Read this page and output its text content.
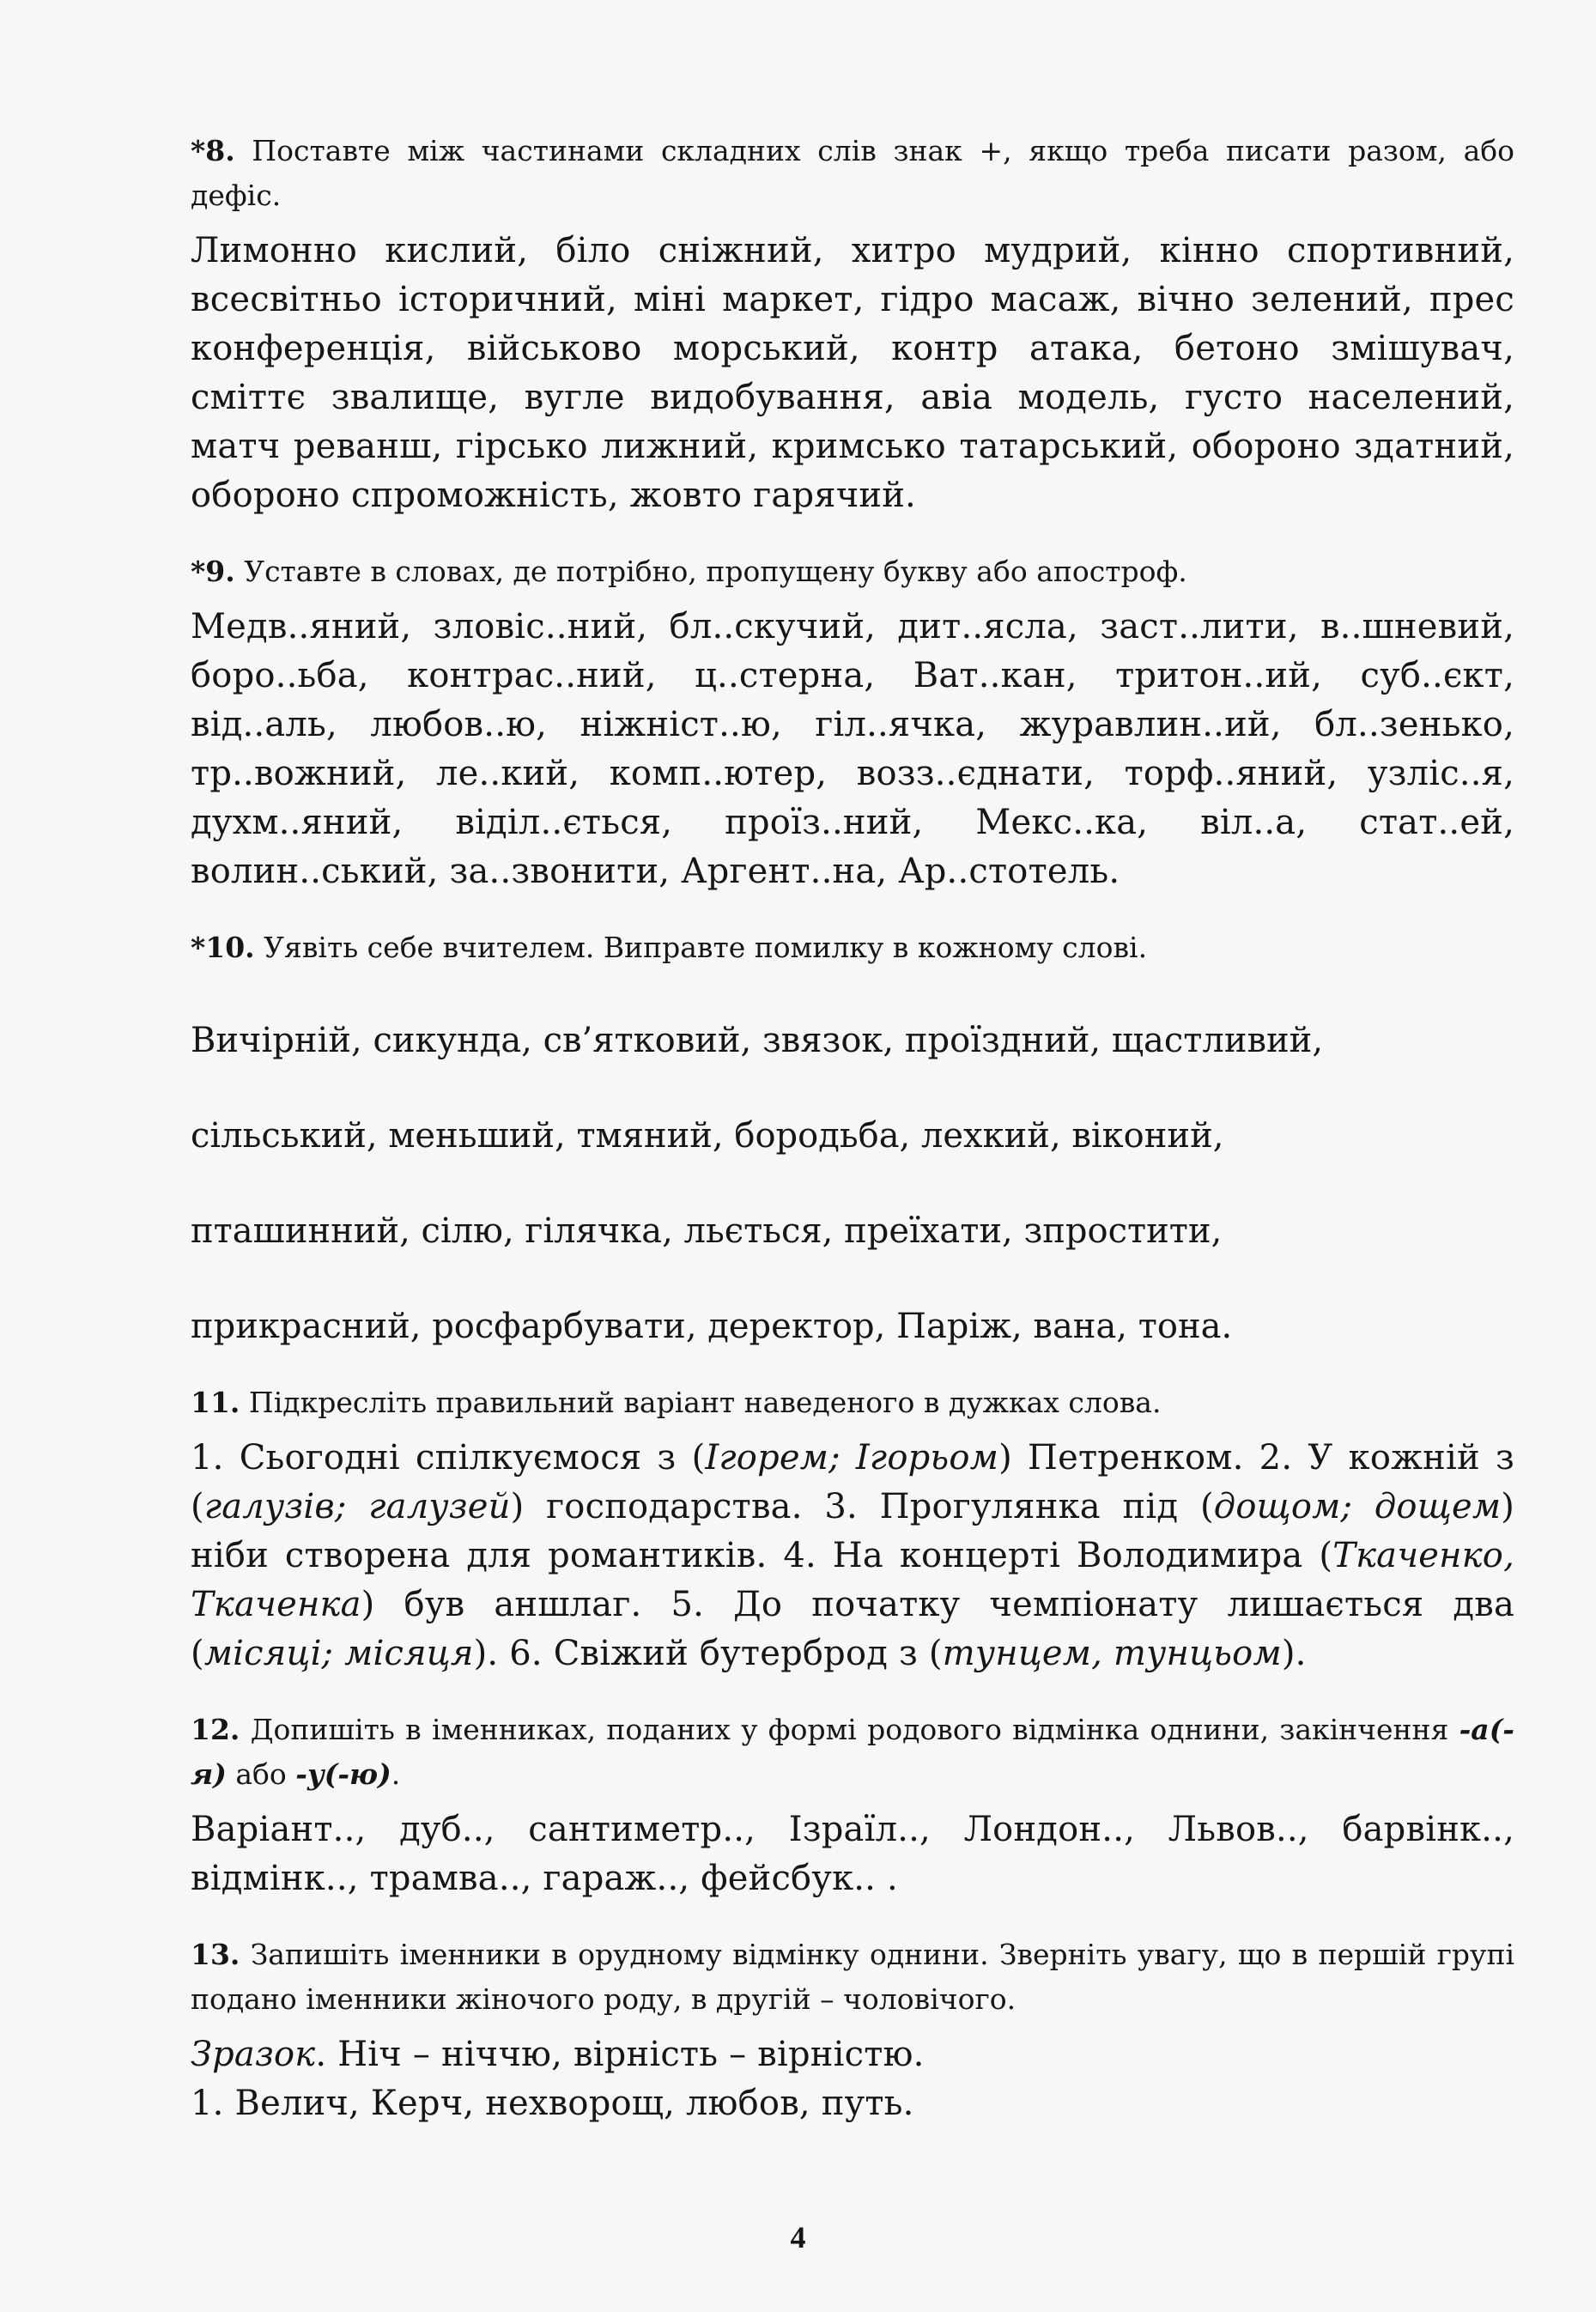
*8. Поставте між частинами складних слів знак +, якщо треба писати разом, або дефіс.

Лимонно кислий, біло сніжний, хитро мудрий, кінно спортивний, всесвітньо історичний, міні маркет, гідро масаж, вічно зелений, прес конференція, військово морський, контр атака, бетоно змішувач, сміттє звалище, вугле видобування, авіа модель, густо населений, матч реванш, гірсько лижний, кримсько татарський, оборонo здатний, оборонo спроможність, жовто гарячий.

*9. Уставте в словах, де потрібно, пропущену букву або апостроф.

Медв..яний, зловіс..ний, бл..скучий, дит..ясла, заст..лити, в..шневий, боро..ьба, контрас..ний, ц..стерна, Ват..кан, тритон..ий, суб..єкт, від..аль, любов..ю, ніжніст..ю, гіл..ячка, журавлин..ий, бл..зенько, тр..вожний, ле..кий, комп..ютер, возз..єднати, торф..яний, узліс..я, духм..яний, віділ..ється, проїз..ний, Мекс..ка, віл..а, стат..ей, волин..ський, за..звонити, Аргент..на, Ар..стотель.

*10. Уявіть себе вчителем. Виправте помилку в кожному слові.

Вичірній, сикунда, св’ятковий, звязок, проїздний, щастливий,

сільський, меньший, тмяний, бородьба, лехкий, віконий,

пташинний, сілю, гілячка, льється, преїхати, зпростити,

прикрасний, росфарбувати, деректор, Паріж, вана, тона.

11. Підкресліть правильний варіант наведеного в дужках слова.

1. Сьогодні спілкуємося з (Ігорем; Ігорьом) Петренком. 2. У кожній з (галузів; галузей) господарства. 3. Прогулянка під (дощом; дощем) ніби створена для романтиків. 4. На концерті Володимира (Ткаченко, Ткаченка) був аншлаг. 5. До початку чемпіонату лишається два (місяці; місяця). 6. Свіжий бутерброд з (тунцем, тунцьом).

12. Допишіть в іменниках, поданих у формі родового відмінка однини, закінчення -а(-я) або -у(-ю).

Варіант.., дуб.., сантиметр.., Ізраїл.., Лондон.., Львов.., барвінк.., відмінк.., трамва.., гараж.., фейсбук.. .

13. Запишіть іменники в орудному відмінку однини. Зверніть увагу, що в першій групі подано іменники жіночого роду, в другій – чоловічого.

Зразок. Ніч – ніччю, вірність – вірністю.

1. Велич, Керч, нехворощ, любов, путь.

4
